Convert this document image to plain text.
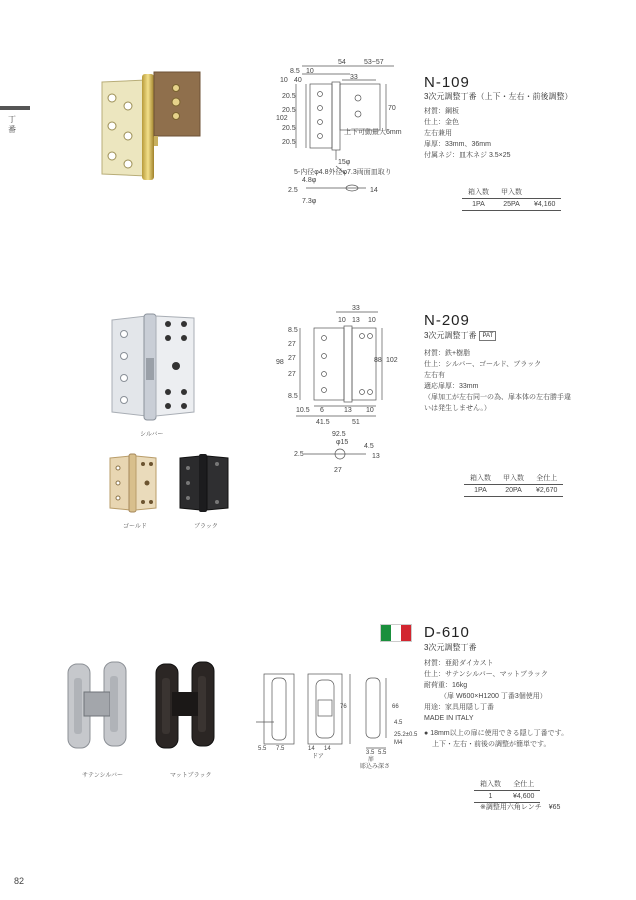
丁番
82
54	53~57
8.5 10
10 40	33
20.5
20.5
102
20.5
20.5
70
上下可動最大6mm
15φ
5-内径φ4.8外径φ7.3両面皿取り
4.8φ
2.5
7.3φ
14
N-109
3次元調整丁番（上下・左右・前後調整）
材質：鋼板
仕上：金色
左右兼用
扉厚：33mm、36mm
付属ネジ：皿木ネジ 3.5×25
箱入数	甲入数	
1PA	25PA	¥4,160
シルバー
ゴールド	ブラック
33
10 13 10
8.5
27
98
27
27
8.5
88 102
10.5 6	13 10
41.5	51
92.5
φ15
2.5
4.5
13
27
N-209
3次元調整丁番 PAT
材質：鉄+樹脂
仕上：シルバー、ゴールド、ブラック
左右有
適応扉厚：33mm
（扉加工が左右同一の為、扉本体の左右勝手違
いは発生しません。）
箱入数	甲入数	全仕上
1PA	20PA	¥2,670
サテンシルバー	マットブラック
76	66
5.5 7.5	14 14
ドア
3.5 5.5
扉
彫込み深さ
4.5
25.2±0.5
M4
D-610
3次元調整丁番
材質：亜鉛ダイカスト
仕上：サテンシルバー、マットブラック
耐荷重：16kg
（扉 W600×H1200 丁番3個使用）
用途：家具用隠し丁番
MADE IN ITALY
● 18mm以上の扉に使用できる隠し丁番です。
上下・左右・前後の調整が簡単です。
箱入数	全仕上
1	¥4,600
※調整用六角レンチ　¥65
